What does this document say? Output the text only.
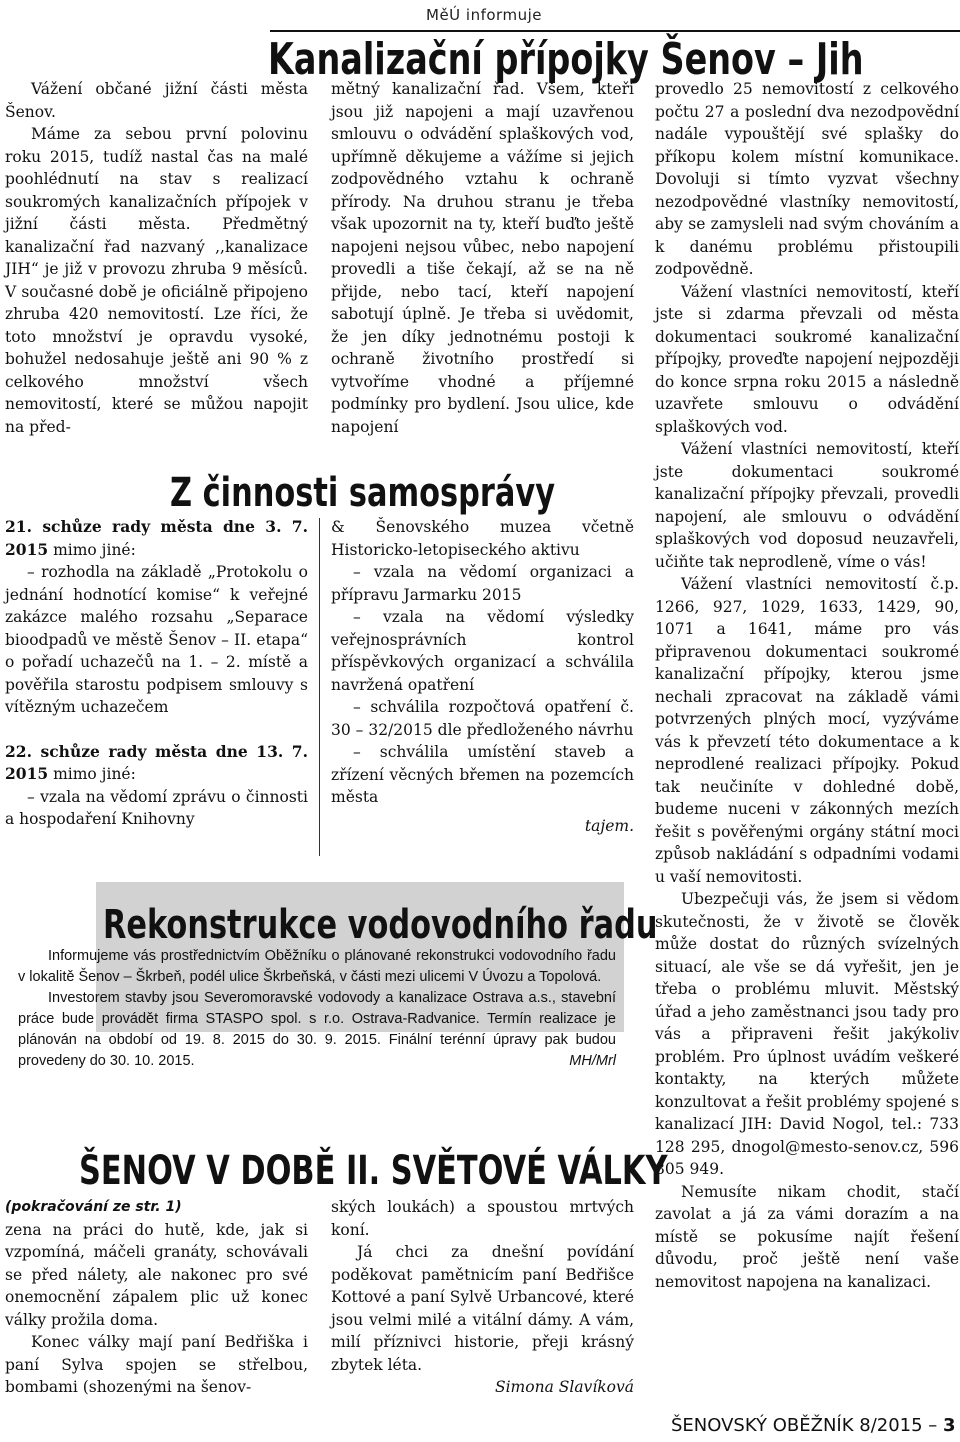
MěÚ informuje
Kanalizační přípojky Šenov – Jih

Vážení občané jižní části města Šenov.

Máme za sebou první polovinu roku 2015, tudíž nastal čas na malé poohlédnutí na stav s realizací soukromých kanalizačních přípojek v jižní části města. Předmětný kanalizační řad nazvaný ,,kanalizace JIH“ je již v provozu zhruba 9 měsíců. V současné době je oficiálně připojeno zhruba 420 nemovitostí. Lze říci, že toto množství je opravdu vysoké, bohužel nedosahuje ještě ani 90 % z celkového množství všech nemovitostí, které se můžou napojit na před-

mětný kanalizační řad. Všem, kteří jsou již napojeni a mají uzavřenou smlouvu o odvádění splaškových vod, upřímně děkujeme a vážíme si jejich zodpovědného vztahu k ochraně přírody. Na druhou stranu je třeba však upozornit na ty, kteří buďto ještě napojeni nejsou vůbec, nebo napojení provedli a tiše čekají, až se na ně přijde, nebo tací, kteří napojení sabotují úplně. Je třeba si uvědomit, že jen díky jednotnému postoji k ochraně životního prostředí si vytvoříme vhodné a příjemné podmínky pro bydlení. Jsou ulice, kde napojení

provedlo 25 nemovitostí z celkového počtu 27 a poslední dva nezodpovědní nadále vypouštějí své splašky do příkopu kolem místní komunikace. Dovoluji si tímto vyzvat všechny nezodpovědné vlastníky nemovitostí, aby se zamysleli nad svým chováním a k danému problému přistoupili zodpovědně.

Vážení vlastníci nemovitostí, kteří jste si zdarma převzali od města dokumentaci soukromé kanalizační přípojky, proveďte napojení nejpozději do konce srpna roku 2015 a následně uzavřete smlouvu o odvádění splaškových vod.

Vážení vlastníci nemovitostí, kteří jste dokumentaci soukromé kanalizační přípojky převzali, provedli napojení, ale smlouvu o odvádění splaškových vod doposud neuzavřeli, učiňte tak neprodleně, víme o vás!

Vážení vlastníci nemovitostí č.p. 1266, 927, 1029, 1633, 1429, 90, 1071 a 1641, máme pro vás připravenou dokumentaci soukromé kanalizační přípojky, kterou jsme nechali zpracovat na základě vámi potvrzených plných mocí, vyzýváme vás k převzetí této dokumentace a k neprodlené realizaci přípojky. Pokud tak neučiníte v dohledné době, budeme nuceni v zákonných mezích řešit s pověřenými orgány státní moci způsob nakládání s odpadními vodami u vaší nemovitosti.

Ubezpečuji vás, že jsem si vědom skutečnosti, že v životě se člověk může dostat do různých svízelných situací, ale vše se dá vyřešit, jen je třeba o problému mluvit. Městský úřad a jeho zaměstnanci jsou tady pro vás a připraveni řešit jakýkoliv problém. Pro úplnost uvádím veškeré kontakty, na kterých můžete konzultovat a řešit problémy spojené s kanalizací JIH: David Nogol, tel.: 733 128 295, dnogol@mesto-senov.cz, 596 805 949.

Nemusíte nikam chodit, stačí zavolat a já za vámi dorazím a na místě se pokusíme najít řešení důvodu, proč ještě není vaše nemovitost napojena na kanalizaci.

Z činnosti samosprávy

21. schůze rady města dne 3. 7. 2015 mimo jiné:

– rozhodla na základě „Protokolu o jednání hodnotící komise“ k veřejné zakázce malého rozsahu „Separace bioodpadů ve městě Šenov – II. etapa“ o pořadí uchazečů na 1. – 2. místě a pověřila starostu podpisem smlouvy s vítězným uchazečem

22. schůze rady města dne 13. 7. 2015 mimo jiné:

– vzala na vědomí zprávu o činnosti a hospodaření Knihovny

& Šenovského muzea včetně Historicko-letopiseckého aktivu

– vzala na vědomí organizaci a přípravu Jarmarku 2015

– vzala na vědomí výsledky veřejnosprávních kontrol příspěvkových organizací a schválila navržená opatření

– schválila rozpočtová opatření č. 30 – 32/2015 dle předloženého návrhu

– schválila umístění staveb a zřízení věcných břemen na pozemcích města

tajem.

Rekonstrukce vodovodního řadu

Informujeme vás prostřednictvím Oběžníku o plánované rekonstrukci vodovodního řadu v lokalitě Šenov – Škrbeň, podél ulice Škrbeňská, v části mezi ulicemi V Úvozu a Topolová.

Investorem stavby jsou Severomoravské vodovody a kanalizace Ostrava a.s., stavební práce bude provádět firma STASPO spol. s r.o. Ostrava-Radvanice. Termín realizace je plánován na období od 19. 8. 2015 do 30. 9. 2015. Finální terénní úpravy pak budou provedeny do 30. 10. 2015.	MH/Mrl

ŠENOV V DOBĚ II. SVĚTOVÉ VÁLKY

(pokračování ze str. 1)

zena na práci do hutě, kde, jak si vzpomíná, máčeli granáty, schovávali se před nálety, ale nakonec pro své onemocnění zápalem plic už konec války prožila doma.

Konec války mají paní Bedřiška i paní Sylva spojen se střelbou, bombami (shozenými na šenov-

ských loukách) a spoustou mrtvých koní.

Já chci za dnešní povídání poděkovat pamětnicím paní Bedřišce Kottové a paní Sylvě Urbancové, které jsou velmi milé a vitální dámy. A vám, milí příznivci historie, přeji krásný zbytek léta.

Simona Slavíková

ŠENOVSKÝ OBĚŽNÍK 8/2015 – 3
